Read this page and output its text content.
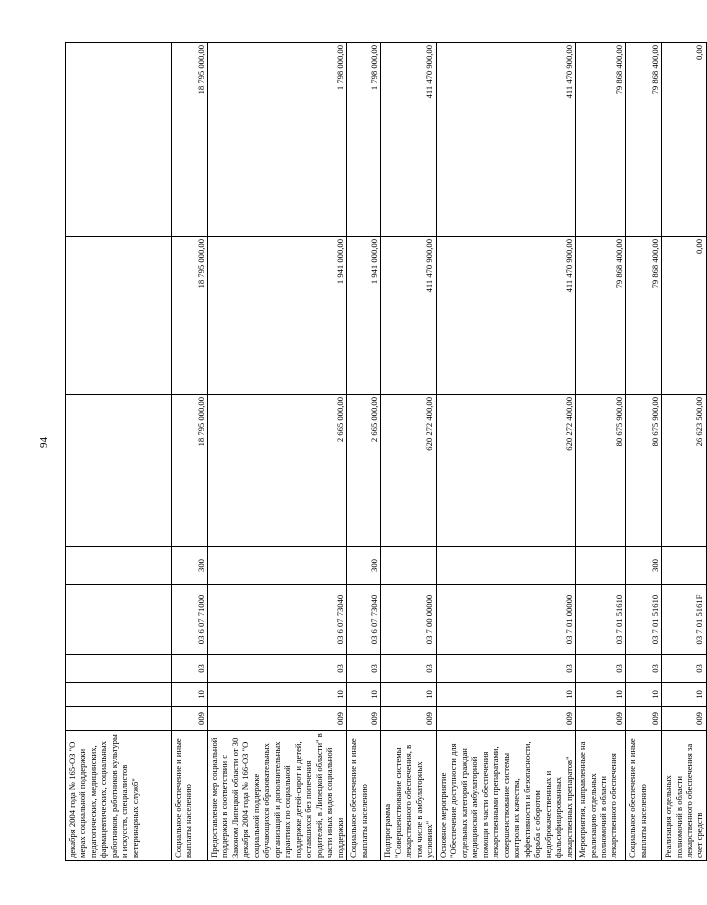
94
декабря 2004 года № 165-ОЗ "О мерах социальной поддержки педагогических, медицинских, фармацевтических, социальных работников, работников культуры и искусств, специалистов ветеринарных служб"								
Социальное обеспечение и иные выплаты населению	009	10	03	03 6 07 71000	300	18 795 000,00	18 795 000,00	18 795 000,00
Предоставление мер социальной поддержки в соответствии с Законом Липецкой области от 30 декабря 2004 года № 166-ОЗ "О социальной поддержке обучающихся образовательных организаций и дополнительных гарантиях по социальной поддержке детей-сирот и детей, оставшихся без попечения родителей, в Липецкой области" в части иных видов социальной поддержки	009	10	03	03 6 07 73040		2 665 000,00	1 941 000,00	1 798 000,00
Социальное обеспечение и иные выплаты населению	009	10	03	03 6 07 73040	300	2 665 000,00	1 941 000,00	1 798 000,00
Подпрограмма "Совершенствование системы лекарственного обеспечения, в том числе в амбулаторных условиях"	009	10	03	03 7 00 00000		620 272 400,00	411 470 900,00	411 470 900,00
Основное мероприятие "Обеспечение доступности для отдельных категорий граждан медицинской амбулаторной помощи в части обеспечения лекарственными препаратами, совершенствование системы контроля их качества, эффективности и безопасности, борьба с оборотом недоброкачественных и фальсифицированных лекарственных препаратов"	009	10	03	03 7 01 00000		620 272 400,00	411 470 900,00	411 470 900,00
Мероприятия, направленные на реализацию отдельных полномочий в области лекарственного обеспечения	009	10	03	03 7 01 51610		80 675 900,00	79 868 400,00	79 868 400,00
Социальное обеспечение и иные выплаты населению	009	10	03	03 7 01 51610	300	80 675 900,00	79 868 400,00	79 868 400,00
Реализация отдельных полномочий в области лекарственного обеспечения за счет средств	009	10	03	03 7 01 5161F		26 623 500,00	0,00	0,00
